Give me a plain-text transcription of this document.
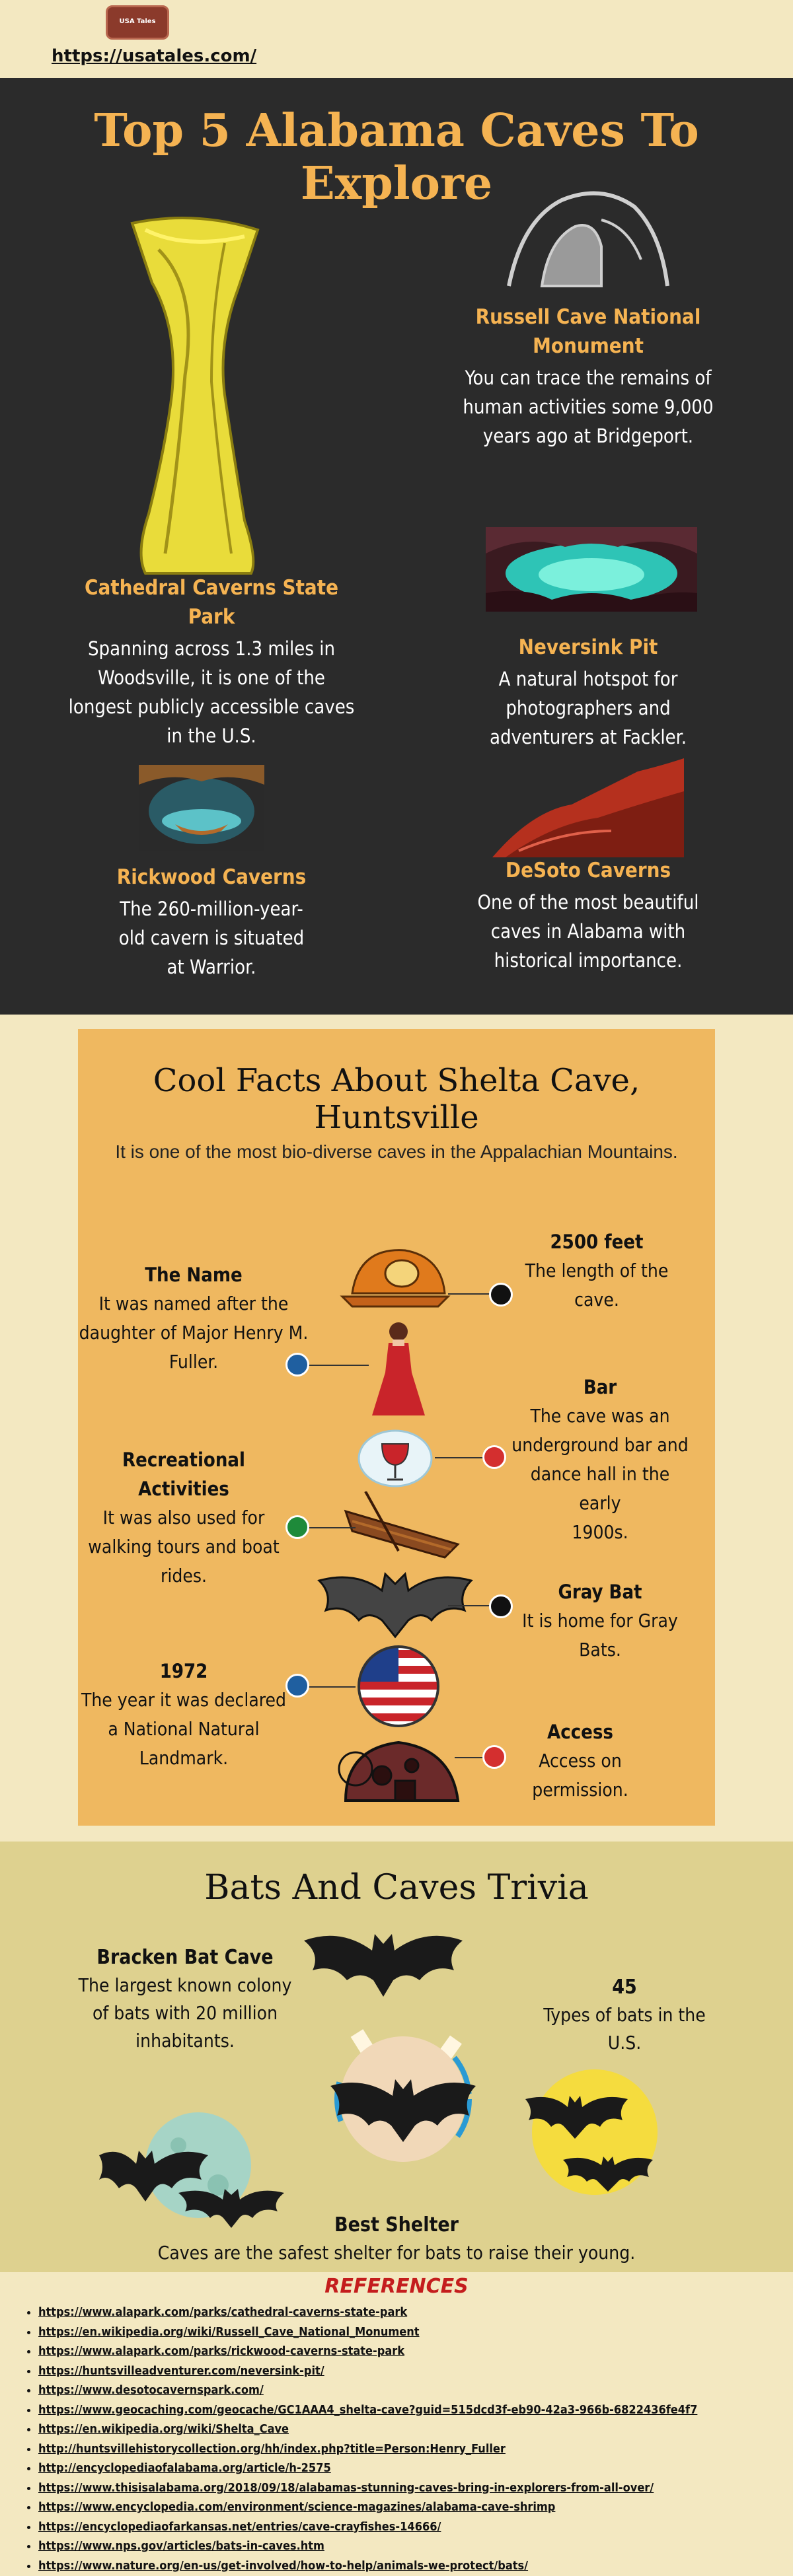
USA Tales
https://usatales.com/
Top 5 Alabama Caves To Explore
Russell Cave National
Monument
You can trace the remains of
human activities some 9,000
years ago at Bridgeport.
Cathedral Caverns State
Park
Spanning across 1.3 miles in
Woodsville, it is one of the
longest publicly accessible caves
in the U.S.
Neversink Pit
A natural hotspot for
photographers and
adventurers at Fackler.
Rickwood Caverns
The 260-million-year-
old cavern is situated
at Warrior.
DeSoto Caverns
One of the most beautiful
caves in Alabama with
historical importance.
Cool Facts About Shelta Cave, Huntsville
It is one of the most bio-diverse caves in the Appalachian Mountains.
2500 feet
The length of the cave.
The Name
It was named after the
daughter of Major Henry M.
Fuller.
Bar
The cave was an
underground bar and
dance hall in the early
1900s.
Recreational
Activities
It was also used for
walking tours and boat
rides.
Gray Bat
It is home for Gray
Bats.
1972
The year it was declared
a National Natural
Landmark.
Access
Access on
permission.
Bats And Caves Trivia
Bracken Bat Cave
The largest known colony
of bats with 20 million
inhabitants.
45
Types of bats in the
U.S.
Best Shelter
Caves are the safest shelter for bats to raise their young.
REFERENCES
• https://www.alapark.com/parks/cathedral-caverns-state-park
• https://en.wikipedia.org/wiki/Russell_Cave_National_Monument
• https://www.alapark.com/parks/rickwood-caverns-state-park
• https://huntsvilleadventurer.com/neversink-pit/
• https://www.desotocavernspark.com/
• https://www.geocaching.com/geocache/GC1AAA4_shelta-cave?guid=515dcd3f-eb90-42a3-966b-6822436fe4f7
• https://en.wikipedia.org/wiki/Shelta_Cave
• http://huntsvillehistorycollection.org/hh/index.php?title=Person:Henry_Fuller
• http://encyclopediaofalabama.org/article/h-2575
• https://www.thisisalabama.org/2018/09/18/alabamas-stunning-caves-bring-in-explorers-from-all-over/
• https://www.encyclopedia.com/environment/science-magazines/alabama-cave-shrimp
• https://encyclopediaofarkansas.net/entries/cave-crayfishes-14666/
• https://www.nps.gov/articles/bats-in-caves.htm
• https://www.nature.org/en-us/get-involved/how-to-help/animals-we-protect/bats/
